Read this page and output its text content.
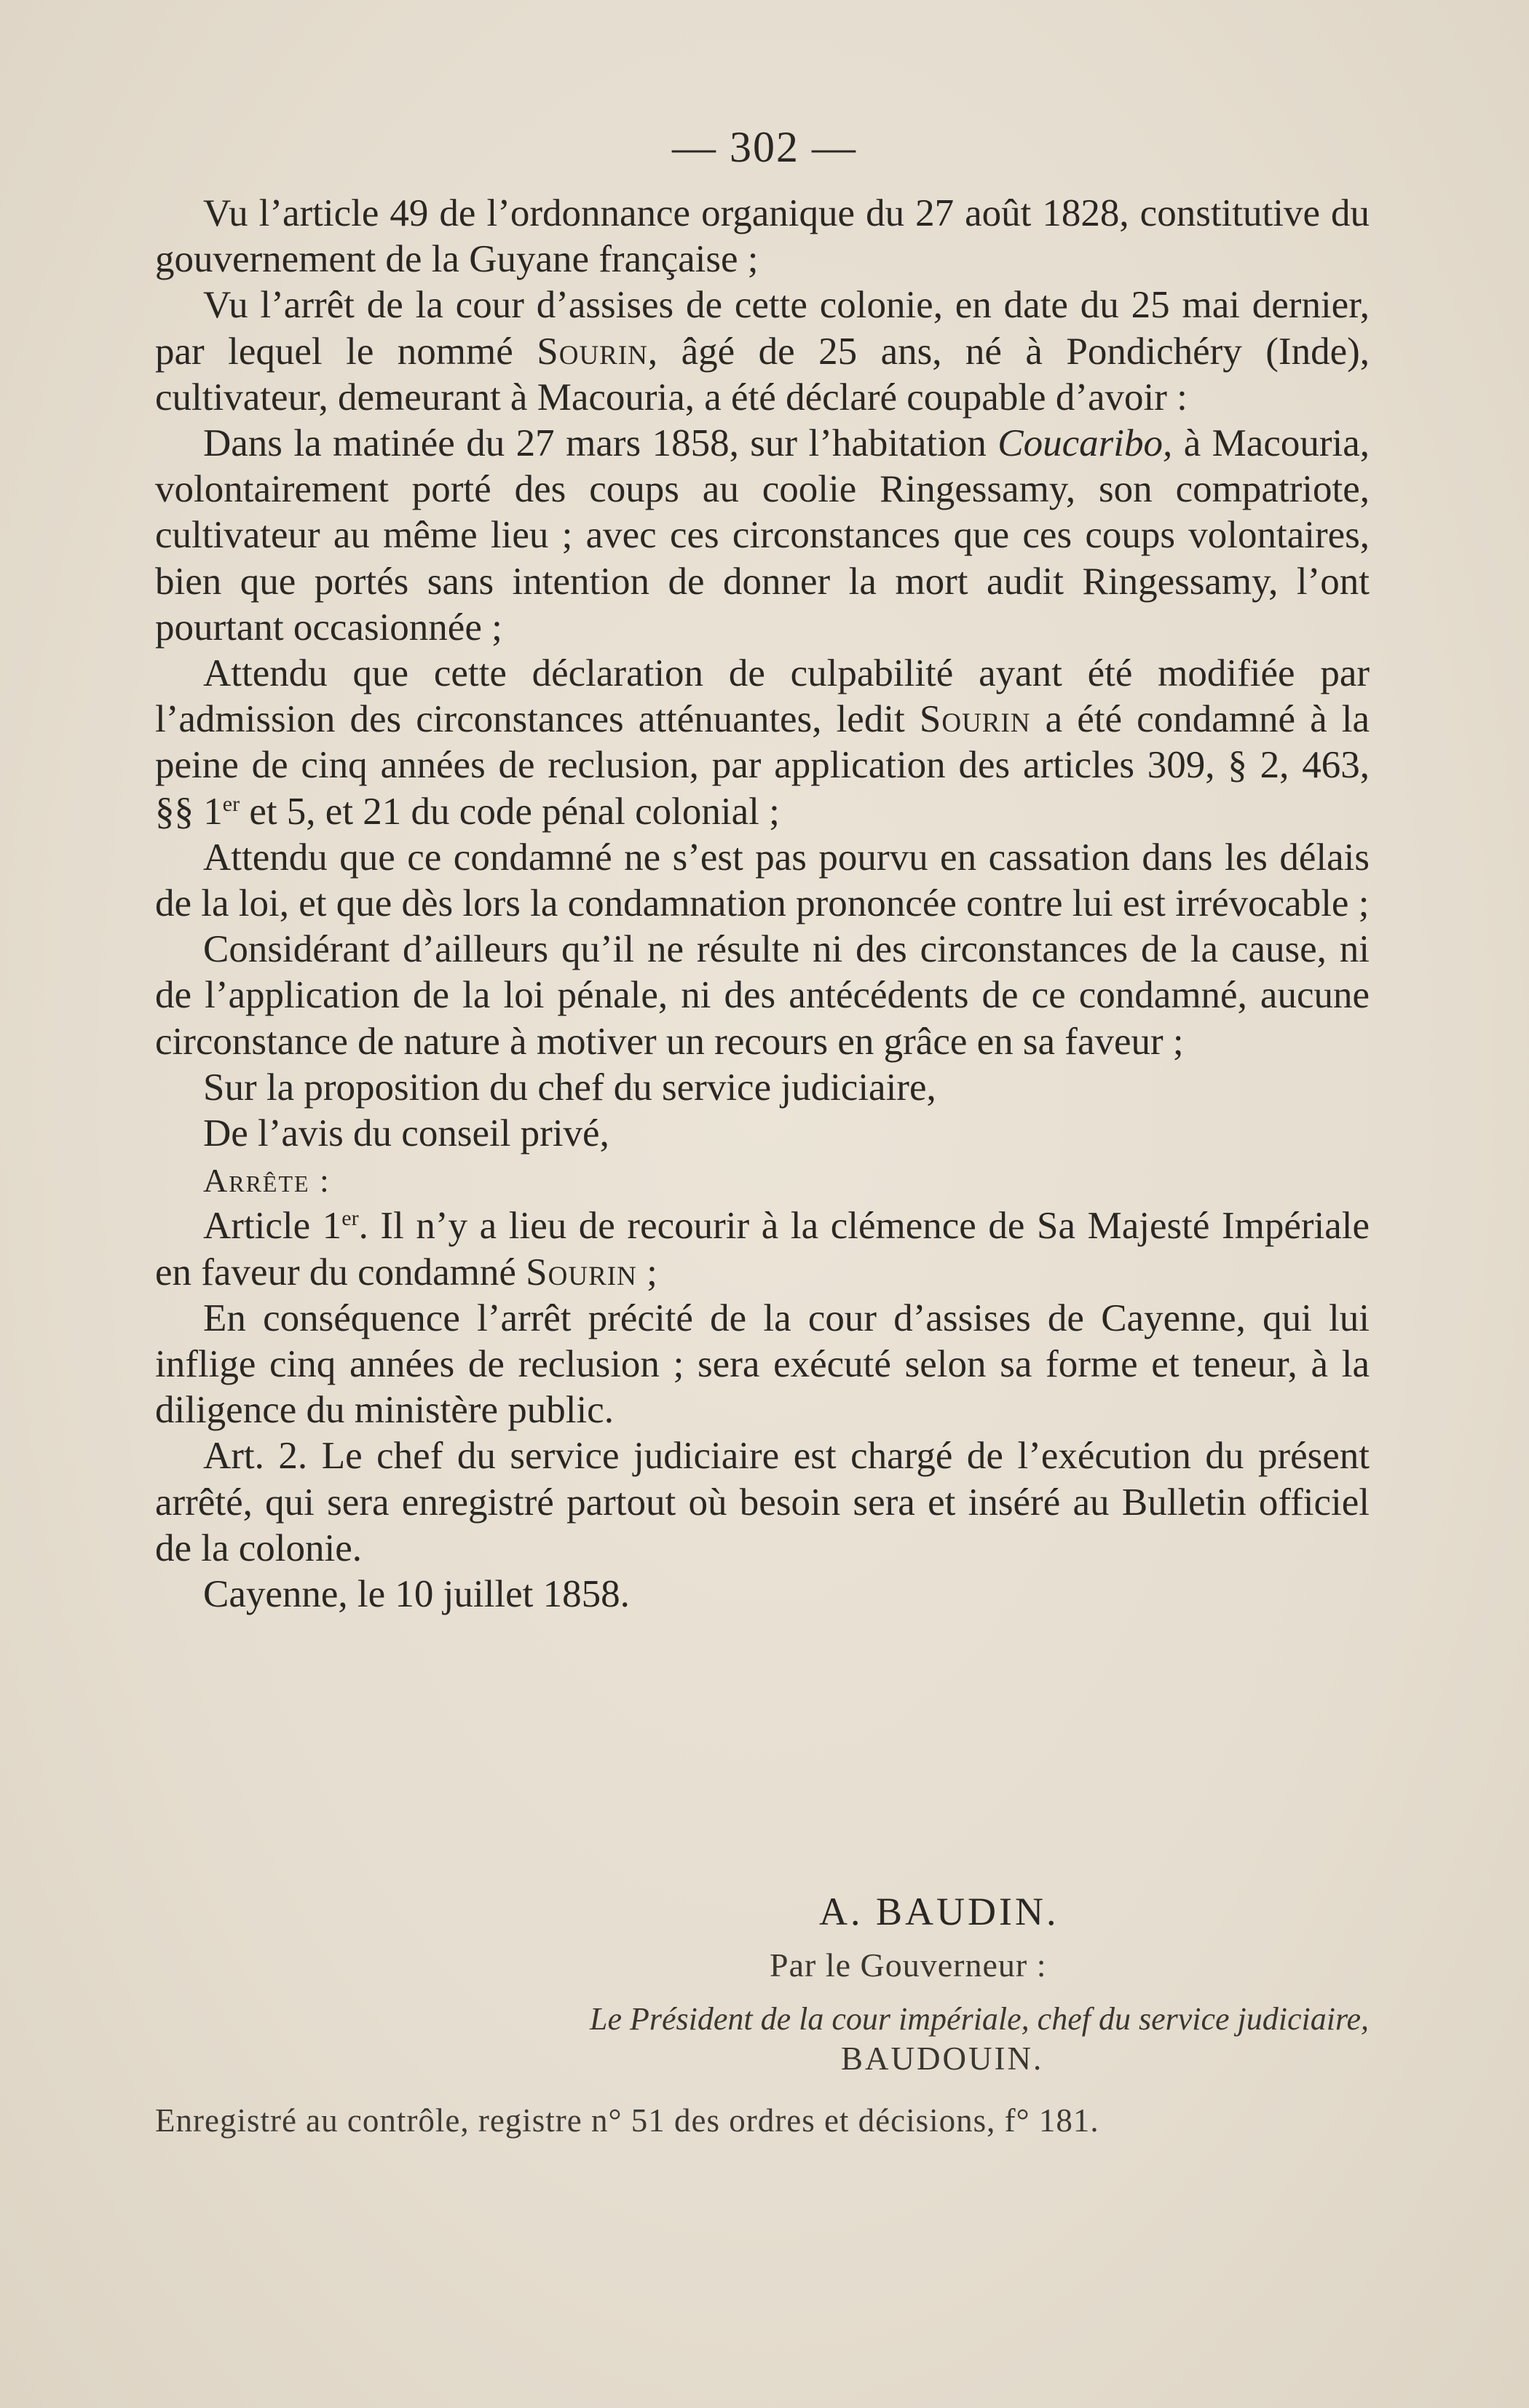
— 302 —

Vu l’article 49 de l’ordonnance organique du 27 août 1828, constitutive du gouvernement de la Guyane française ;

Vu l’arrêt de la cour d’assises de cette colonie, en date du 25 mai dernier, par lequel le nommé Sourin, âgé de 25 ans, né à Pondichéry (Inde), cultivateur, demeurant à Macouria, a été déclaré coupable d’avoir :

Dans la matinée du 27 mars 1858, sur l’habitation Coucaribo, à Macouria, volontairement porté des coups au coolie Ringessamy, son compatriote, cultivateur au même lieu ; avec ces circonstances que ces coups volontaires, bien que portés sans intention de donner la mort audit Ringessamy, l’ont pourtant occasionnée ;

Attendu que cette déclaration de culpabilité ayant été modifiée par l’admission des circonstances atténuantes, ledit Sourin a été condamné à la peine de cinq années de reclusion, par application des articles 309, § 2, 463, §§ 1er et 5, et 21 du code pénal colonial ;

Attendu que ce condamné ne s’est pas pourvu en cassation dans les délais de la loi, et que dès lors la condamnation prononcée contre lui est irrévocable ;

Considérant d’ailleurs qu’il ne résulte ni des circonstances de la cause, ni de l’application de la loi pénale, ni des antécédents de ce condamné, aucune circonstance de nature à motiver un recours en grâce en sa faveur ;

Sur la proposition du chef du service judiciaire,

De l’avis du conseil privé,

Arrête :

Article 1er. Il n’y a lieu de recourir à la clémence de Sa Majesté Impériale en faveur du condamné Sourin ;

En conséquence l’arrêt précité de la cour d’assises de Cayenne, qui lui inflige cinq années de reclusion ; sera exécuté selon sa forme et teneur, à la diligence du ministère public.

Art. 2. Le chef du service judiciaire est chargé de l’exécution du présent arrêté, qui sera enregistré partout où besoin sera et inséré au Bulletin officiel de la colonie.

Cayenne, le 10 juillet 1858.

A. BAUDIN.
Par le Gouverneur :
Le Président de la cour impériale, chef du service judiciaire,
BAUDOUIN.
Enregistré au contrôle, registre n° 51 des ordres et décisions, f° 181.
